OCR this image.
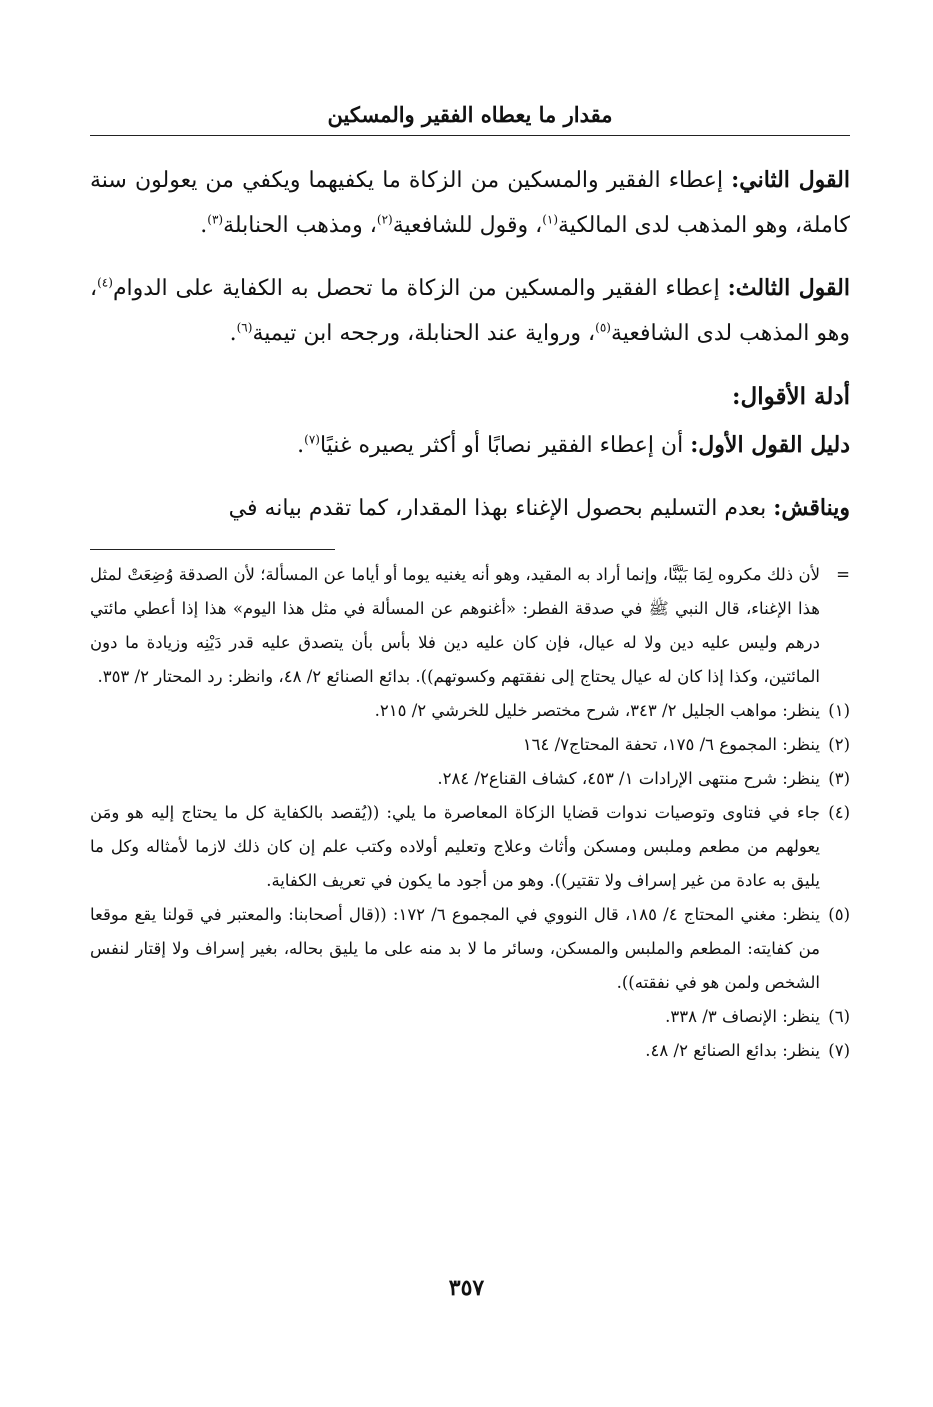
مقدار ما يعطاه الفقير والمسكين

القول الثاني: إعطاء الفقير والمسكين من الزكاة ما يكفيهما ويكفي من يعولون سنة كاملة، وهو المذهب لدى المالكية$^{(١)}$، وقول للشافعية$^{(٢)}$، ومذهب الحنابلة$^{(٣)}$.

القول الثالث: إعطاء الفقير والمسكين من الزكاة ما تحصل به الكفاية على الدوام$^{(٤)}$، وهو المذهب لدى الشافعية$^{(٥)}$، ورواية عند الحنابلة، ورجحه ابن تيمية$^{(٦)}$.

أدلة الأقوال:

دليل القول الأول: أن إعطاء الفقير نصابًا أو أكثر يصيره غنيًا$^{(٧)}$.

ويناقش: بعدم التسليم بحصول الإغناء بهذا المقدار، كما تقدم بيانه في

=
لأن ذلك مكروه لِمَا بَيَّنَّا، وإنما أراد به المقيد، وهو أنه يغنيه يوما أو أياما عن المسألة؛ لأن الصدقة وُضِعَتْ لمثل هذا الإغناء، قال النبي ﷺ في صدقة الفطر: «أغنوهم عن المسألة في مثل هذا اليوم» هذا إذا أعطي مائتي درهم وليس عليه دين ولا له عيال، فإن كان عليه دين فلا بأس بأن يتصدق عليه قدر دَيْنِه وزيادة ما دون المائتين، وكذا إذا كان له عيال يحتاج إلى نفقتهم وكسوتهم)). بدائع الصنائع ٢/ ٤٨، وانظر: رد المحتار ٢/ ٣٥٣.

(١)
ينظر: مواهب الجليل ٢/ ٣٤٣، شرح مختصر خليل للخرشي ٢/ ٢١٥.

(٢)
ينظر: المجموع ٦/ ١٧٥، تحفة المحتاج٧/ ١٦٤

(٣)
ينظر: شرح منتهى الإرادات ١/ ٤٥٣، كشاف القناع٢/ ٢٨٤.

(٤)
جاء في فتاوى وتوصيات ندوات قضايا الزكاة المعاصرة ما يلي: ((يُقصد بالكفاية كل ما يحتاج إليه هو ومَن يعولهم من مطعم وملبس ومسكن وأثاث وعلاج وتعليم أولاده وكتب علم إن كان ذلك لازما لأمثاله وكل ما يليق به عادة من غير إسراف ولا تقتير)). وهو من أجود ما يكون في تعريف الكفاية.

(٥)
ينظر: مغني المحتاج ٤/ ١٨٥، قال النووي في المجموع ٦/ ١٧٢: ((قال أصحابنا: والمعتبر في قولنا يقع موقعا من كفايته: المطعم والملبس والمسكن، وسائر ما لا بد منه على ما يليق بحاله، بغير إسراف ولا إقتار لنفس الشخص ولمن هو في نفقته)).

(٦)
ينظر: الإنصاف ٣/ ٣٣٨.

(٧)
ينظر: بدائع الصنائع ٢/ ٤٨.

٣٥٧
